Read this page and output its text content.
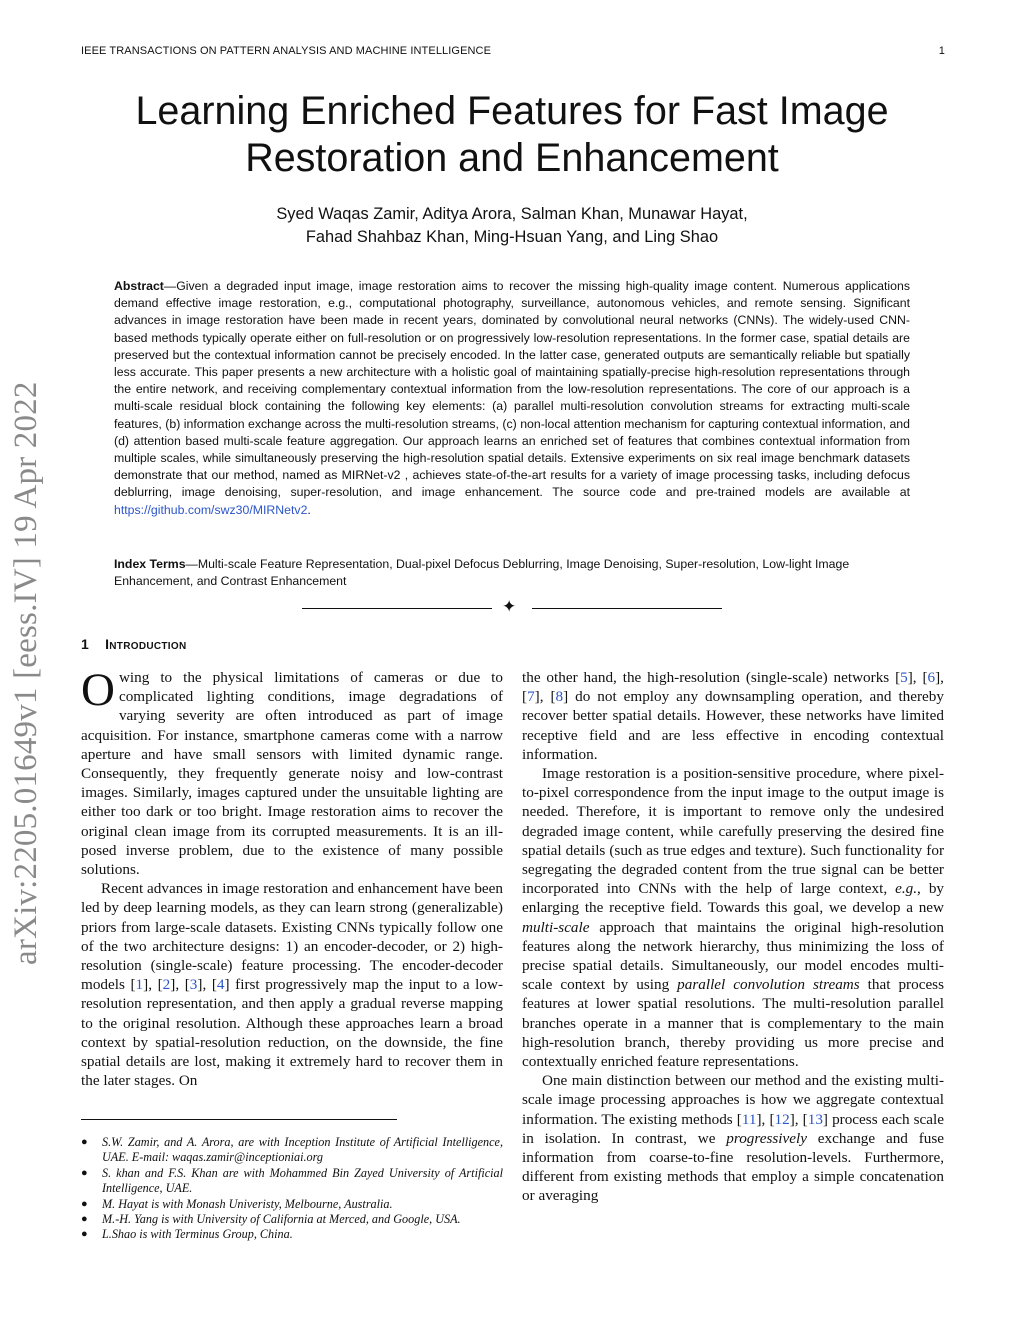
IEEE TRANSACTIONS ON PATTERN ANALYSIS AND MACHINE INTELLIGENCE	1
arXiv:2205.01649v1 [eess.IV] 19 Apr 2022
Learning Enriched Features for Fast Image
Restoration and Enhancement
Syed Waqas Zamir, Aditya Arora, Salman Khan, Munawar Hayat,
Fahad Shahbaz Khan, Ming-Hsuan Yang, and Ling Shao
Abstract—Given a degraded input image, image restoration aims to recover the missing high-quality image content. Numerous applications demand effective image restoration, e.g., computational photography, surveillance, autonomous vehicles, and remote sensing. Significant advances in image restoration have been made in recent years, dominated by convolutional neural networks (CNNs). The widely-used CNN-based methods typically operate either on full-resolution or on progressively low-resolution representations. In the former case, spatial details are preserved but the contextual information cannot be precisely encoded. In the latter case, generated outputs are semantically reliable but spatially less accurate. This paper presents a new architecture with a holistic goal of maintaining spatially-precise high-resolution representations through the entire network, and receiving complementary contextual information from the low-resolution representations. The core of our approach is a multi-scale residual block containing the following key elements: (a) parallel multi-resolution convolution streams for extracting multi-scale features, (b) information exchange across the multi-resolution streams, (c) non-local attention mechanism for capturing contextual information, and (d) attention based multi-scale feature aggregation. Our approach learns an enriched set of features that combines contextual information from multiple scales, while simultaneously preserving the high-resolution spatial details. Extensive experiments on six real image benchmark datasets demonstrate that our method, named as MIRNet-v2 , achieves state-of-the-art results for a variety of image processing tasks, including defocus deblurring, image denoising, super-resolution, and image enhancement. The source code and pre-trained models are available at https://github.com/swz30/MIRNetv2.
Index Terms—Multi-scale Feature Representation, Dual-pixel Defocus Deblurring, Image Denoising, Super-resolution, Low-light Image Enhancement, and Contrast Enhancement
✦
1 Introduction

Owing to the physical limitations of cameras or due to complicated lighting conditions, image degradations of varying severity are often introduced as part of image acquisition. For instance, smartphone cameras come with a narrow aperture and have small sensors with limited dynamic range. Consequently, they frequently generate noisy and low-contrast images. Similarly, images captured under the unsuitable lighting are either too dark or too bright. Image restoration aims to recover the original clean image from its corrupted measurements. It is an ill-posed inverse problem, due to the existence of many possible solutions.

Recent advances in image restoration and enhancement have been led by deep learning models, as they can learn strong (generalizable) priors from large-scale datasets. Existing CNNs typically follow one of the two architecture designs: 1) an encoder-decoder, or 2) high-resolution (single-scale) feature processing. The encoder-decoder models [1], [2], [3], [4] first progressively map the input to a low-resolution representation, and then apply a gradual reverse mapping to the original resolution. Although these approaches learn a broad context by spatial-resolution reduction, on the downside, the fine spatial details are lost, making it extremely hard to recover them in the later stages. On

the other hand, the high-resolution (single-scale) networks [5], [6], [7], [8] do not employ any downsampling operation, and thereby recover better spatial details. However, these networks have limited receptive field and are less effective in encoding contextual information.

Image restoration is a position-sensitive procedure, where pixel-to-pixel correspondence from the input image to the output image is needed. Therefore, it is important to remove only the undesired degraded image content, while carefully preserving the desired fine spatial details (such as true edges and texture). Such functionality for segregating the degraded content from the true signal can be better incorporated into CNNs with the help of large context, e.g., by enlarging the receptive field. Towards this goal, we develop a new multi-scale approach that maintains the original high-resolution features along the network hierarchy, thus minimizing the loss of precise spatial details. Simultaneously, our model encodes multi-scale context by using parallel convolution streams that process features at lower spatial resolutions. The multi-resolution parallel branches operate in a manner that is complementary to the main high-resolution branch, thereby providing us more precise and contextually enriched feature representations.

One main distinction between our method and the existing multi-scale image processing approaches is how we aggregate contextual information. The existing methods [11], [12], [13] process each scale in isolation. In contrast, we progressively exchange and fuse information from coarse-to-fine resolution-levels. Furthermore, different from existing methods that employ a simple concatenation or averaging

● S.W. Zamir, and A. Arora, are with Inception Institute of Artificial Intelligence, UAE. E-mail: waqas.zamir@inceptioniai.org
● S. khan and F.S. Khan are with Mohammed Bin Zayed University of Artificial Intelligence, UAE.
● M. Hayat is with Monash Univeristy, Melbourne, Australia.
● M.-H. Yang is with University of California at Merced, and Google, USA.
● L.Shao is with Terminus Group, China.
